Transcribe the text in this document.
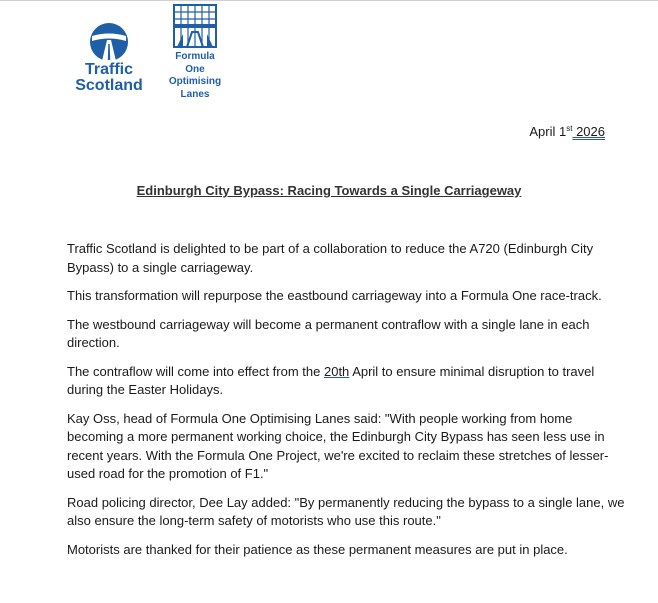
Traffic
Scotland
Formula
One
Optimising
Lanes
April 1st 2026
Edinburgh City Bypass: Racing Towards a Single Carriageway

Traffic Scotland is delighted to be part of a collaboration to reduce the A720 (Edinburgh City Bypass) to a single carriageway.

This transformation will repurpose the eastbound carriageway into a Formula One race-track.

The westbound carriageway will become a permanent contraflow with a single lane in each direction.

The contraflow will come into effect from the 20th April to ensure minimal disruption to travel during the Easter Holidays.

Kay Oss, head of Formula One Optimising Lanes said: "With people working from home becoming a more permanent working choice, the Edinburgh City Bypass has seen less use in recent years. With the Formula One Project, we're excited to reclaim these stretches of lesser-used road for the promotion of F1."

Road policing director, Dee Lay added: "By permanently reducing the bypass to a single lane, we also ensure the long-term safety of motorists who use this route."

Motorists are thanked for their patience as these permanent measures are put in place.
